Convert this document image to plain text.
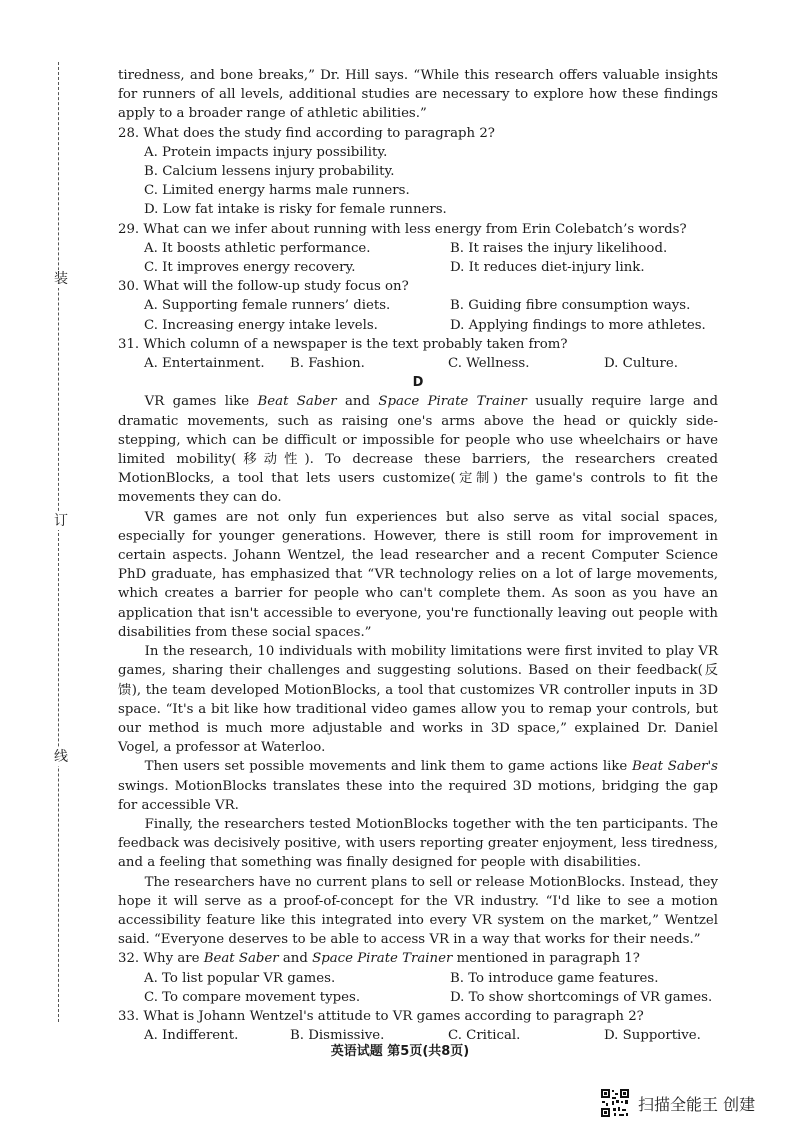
装
订
线

tiredness, and bone breaks,” Dr. Hill says. “While this research offers valuable insights for runners of all levels, additional studies are necessary to explore how these findings apply to a broader range of athletic abilities.”

28. What does the study find according to paragraph 2?

A. Protein impacts injury possibility.
B. Calcium lessens injury probability.
C. Limited energy harms male runners.
D. Low fat intake is risky for female runners.

29. What can we infer about running with less energy from Erin Colebatch’s words?

A. It boosts athletic performance.	B. It raises the injury likelihood.
C. It improves energy recovery.	D. It reduces diet-injury link.

30. What will the follow-up study focus on?

A. Supporting female runners’ diets.	B. Guiding fibre consumption ways.
C. Increasing energy intake levels.	D. Applying findings to more athletes.

31. Which column of a newspaper is the text probably taken from?

A. Entertainment.	B. Fashion.	C. Wellness.	D. Culture.

D

VR games like Beat Saber and Space Pirate Trainer usually require large and dramatic movements, such as raising one's arms above the head or quickly side-stepping, which can be difficult or impossible for people who use wheelchairs or have limited mobility(移动性). To decrease these barriers, the researchers created MotionBlocks, a tool that lets users customize(定制) the game's controls to fit the movements they can do.

VR games are not only fun experiences but also serve as vital social spaces, especially for younger generations. However, there is still room for improvement in certain aspects. Johann Wentzel, the lead researcher and a recent Computer Science PhD graduate, has emphasized that “VR technology relies on a lot of large movements, which creates a barrier for people who can't complete them. As soon as you have an application that isn't accessible to everyone, you're functionally leaving out people with disabilities from these social spaces.”

In the research, 10 individuals with mobility limitations were first invited to play VR games, sharing their challenges and suggesting solutions. Based on their feedback(反馈), the team developed MotionBlocks, a tool that customizes VR controller inputs in 3D space. “It's a bit like how traditional video games allow you to remap your controls, but our method is much more adjustable and works in 3D space,” explained Dr. Daniel Vogel, a professor at Waterloo.

Then users set possible movements and link them to game actions like Beat Saber's swings. MotionBlocks translates these into the required 3D motions, bridging the gap for accessible VR.

Finally, the researchers tested MotionBlocks together with the ten participants. The feedback was decisively positive, with users reporting greater enjoyment, less tiredness, and a feeling that something was finally designed for people with disabilities.

The researchers have no current plans to sell or release MotionBlocks. Instead, they hope it will serve as a proof-of-concept for the VR industry. “I'd like to see a motion accessibility feature like this integrated into every VR system on the market,” Wentzel said. “Everyone deserves to be able to access VR in a way that works for their needs.”

32. Why are Beat Saber and Space Pirate Trainer mentioned in paragraph 1?

A. To list popular VR games.	B. To introduce game features.
C. To compare movement types.	D. To show shortcomings of VR games.

33. What is Johann Wentzel's attitude to VR games according to paragraph 2?

A. Indifferent.	B. Dismissive.	C. Critical.	D. Supportive.
英语试题 第5页(共8页)
扫描全能王 创建
